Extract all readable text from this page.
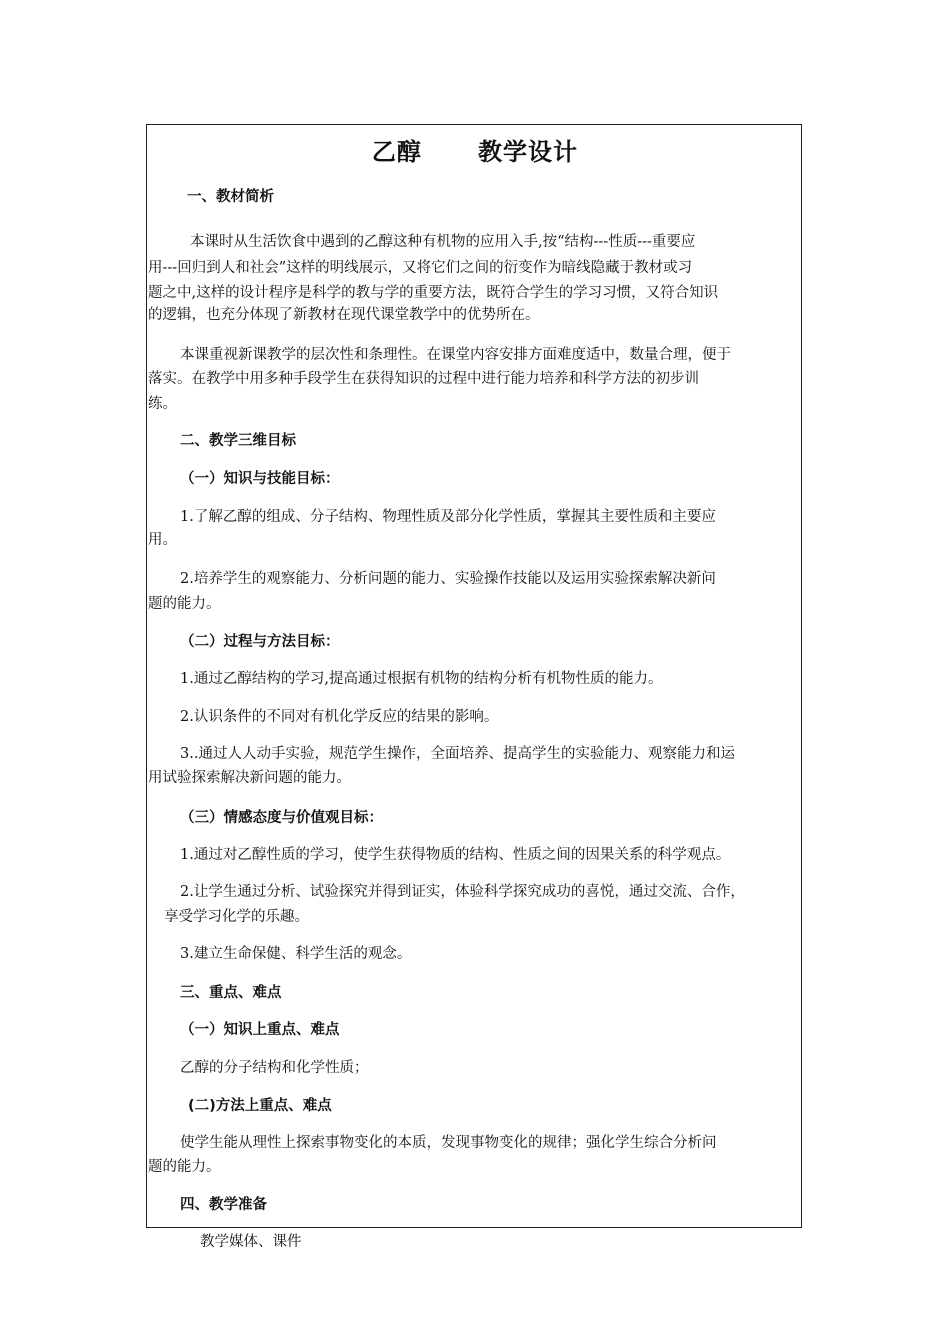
乙醇      教学设计
一、教材简析
本课时从生活饮食中遇到的乙醇这种有机物的应用入手,按“结构---性质---重要应
用---回归到人和社会”这样的明线展示，又将它们之间的衍变作为暗线隐藏于教材或习
题之中,这样的设计程序是科学的教与学的重要方法，既符合学生的学习习惯，又符合知识
的逻辑，也充分体现了新教材在现代课堂教学中的优势所在。
本课重视新课教学的层次性和条理性。在课堂内容安排方面难度适中，数量合理，便于
落实。在教学中用多种手段学生在获得知识的过程中进行能力培养和科学方法的初步训
练。
二、教学三维目标
（一）知识与技能目标：
1.了解乙醇的组成、分子结构、物理性质及部分化学性质，掌握其主要性质和主要应
用。
2.培养学生的观察能力、分析问题的能力、实验操作技能以及运用实验探索解决新问
题的能力。
（二）过程与方法目标：
1.通过乙醇结构的学习,提高通过根据有机物的结构分析有机物性质的能力。
2.认识条件的不同对有机化学反应的结果的影响。
3..通过人人动手实验，规范学生操作，全面培养、提高学生的实验能力、观察能力和运
用试验探索解决新问题的能力。
（三）情感态度与价值观目标：
1.通过对乙醇性质的学习，使学生获得物质的结构、性质之间的因果关系的科学观点。
2.让学生通过分析、试验探究并得到证实，体验科学探究成功的喜悦，通过交流、合作，
享受学习化学的乐趣。
3.建立生命保健、科学生活的观念。
三、重点、难点
（一）知识上重点、难点
乙醇的分子结构和化学性质；
(二)方法上重点、难点
使学生能从理性上探索事物变化的本质，发现事物变化的规律；强化学生综合分析问
题的能力。
四、教学准备
教学媒体、课件
